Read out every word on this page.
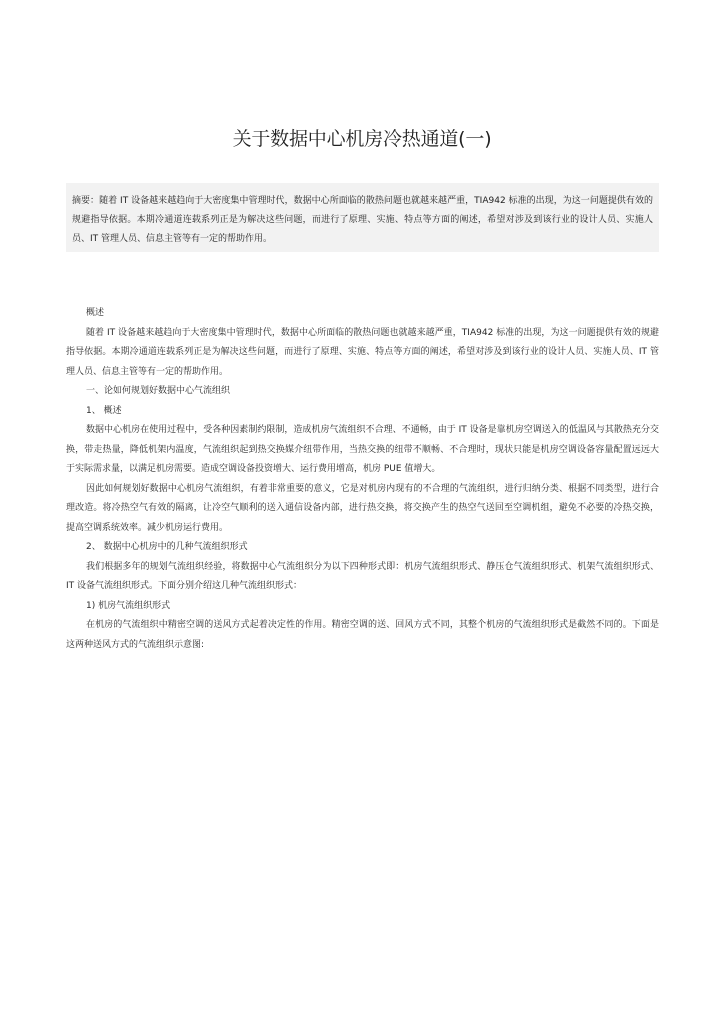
关于数据中心机房冷热通道(一)
摘要：随着 IT 设备越来越趋向于大密度集中管理时代，数据中心所面临的散热问题也就越来越严重，TIA942 标准的出现，为这一问题提供有效的规避指导依据。本期冷通道连载系列正是为解决这些问题，而进行了原理、实施、特点等方面的阐述，希望对涉及到该行业的设计人员、实施人员、IT 管理人员、信息主管等有一定的帮助作用。

概述

随着 IT 设备越来越趋向于大密度集中管理时代，数据中心所面临的散热问题也就越来越严重，TIA942 标准的出现，为这一问题提供有效的规避指导依据。本期冷通道连载系列正是为解决这些问题，而进行了原理、实施、特点等方面的阐述，希望对涉及到该行业的设计人员、实施人员、IT 管理人员、信息主管等有一定的帮助作用。

一、论如何规划好数据中心气流组织

1、 概述

数据中心机房在使用过程中，受各种因素制约限制，造成机房气流组织不合理、不通畅，由于 IT 设备是靠机房空调送入的低温风与其散热充分交换，带走热量，降低机架内温度，气流组织起到热交换媒介纽带作用，当热交换的纽带不顺畅、不合理时，现状只能是机房空调设备容量配置远远大于实际需求量，以满足机房需要。造成空调设备投资增大、运行费用增高，机房 PUE 值增大。

因此如何规划好数据中心机房气流组织，有着非常重要的意义，它是对机房内现有的不合理的气流组织，进行归纳分类、根据不同类型，进行合理改造。将冷热空气有效的隔离，让冷空气顺利的送入通信设备内部，进行热交换，将交换产生的热空气送回至空调机组，避免不必要的冷热交换，提高空调系统效率。减少机房运行费用。

2、 数据中心机房中的几种气流组织形式

我们根据多年的规划气流组织经验，将数据中心气流组织分为以下四种形式即：机房气流组织形式、静压仓气流组织形式、机架气流组织形式、IT 设备气流组织形式。下面分别介绍这几种气流组织形式：

1) 机房气流组织形式

在机房的气流组织中精密空调的送风方式起着决定性的作用。精密空调的送、回风方式不同，其整个机房的气流组织形式是截然不同的。下面是这两种送风方式的气流组织示意图:
